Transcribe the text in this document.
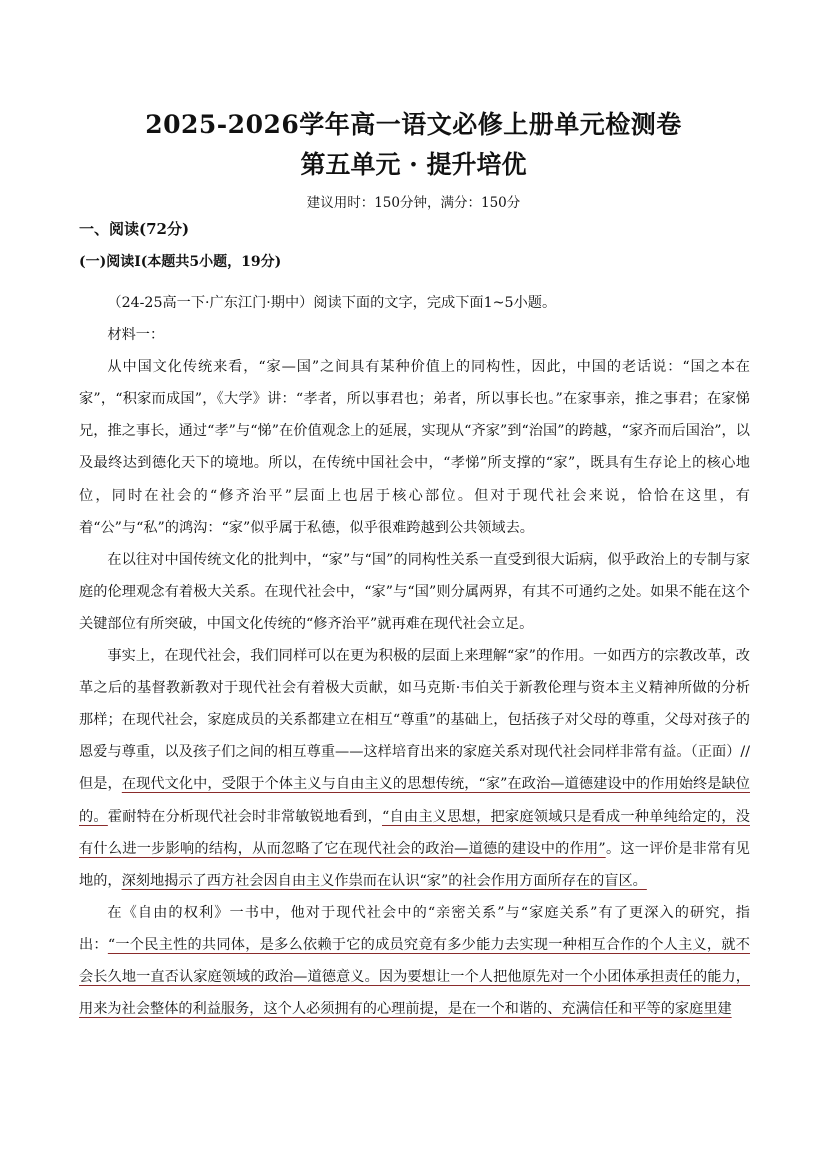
2025-2026学年高一语文必修上册单元检测卷
第五单元 · 提升培优
建议用时：150分钟，满分：150分
一、阅读(72分)
(一)阅读Ⅰ(本题共5小题，19分)

（24-25高一下·广东江门·期中）阅读下面的文字，完成下面1~5小题。

材料一：

从中国文化传统来看，“家—国”之间具有某种价值上的同构性，因此，中国的老话说：“国之本在家”，“积家而成国”，《大学》讲：“孝者，所以事君也；弟者，所以事长也。”在家事亲，推之事君；在家悌兄，推之事长，通过“孝”与“悌”在价值观念上的延展，实现从“齐家”到“治国”的跨越，“家齐而后国治”，以及最终达到德化天下的境地。所以，在传统中国社会中，“孝悌”所支撑的“家”，既具有生存论上的核心地位，同时在社会的“修齐治平”层面上也居于核心部位。但对于现代社会来说，恰恰在这里，有着“公”与“私”的鸿沟：“家”似乎属于私德，似乎很难跨越到公共领域去。

在以往对中国传统文化的批判中，“家”与“国”的同构性关系一直受到很大诟病，似乎政治上的专制与家庭的伦理观念有着极大关系。在现代社会中，“家”与“国”则分属两界，有其不可通约之处。如果不能在这个关键部位有所突破，中国文化传统的“修齐治平”就再难在现代社会立足。

事实上，在现代社会，我们同样可以在更为积极的层面上来理解“家”的作用。一如西方的宗教改革，改革之后的基督教新教对于现代社会有着极大贡献，如马克斯·韦伯关于新教伦理与资本主义精神所做的分析那样；在现代社会，家庭成员的关系都建立在相互“尊重”的基础上，包括孩子对父母的尊重，父母对孩子的恩爱与尊重，以及孩子们之间的相互尊重——这样培育出来的家庭关系对现代社会同样非常有益。（正面）//但是，在现代文化中，受限于个体主义与自由主义的思想传统，“家”在政治—道德建设中的作用始终是缺位的。霍耐特在分析现代社会时非常敏锐地看到，“自由主义思想，把家庭领域只是看成一种单纯给定的，没有什么进一步影响的结构，从而忽略了它在现代社会的政治—道德的建设中的作用”。这一评价是非常有见地的，深刻地揭示了西方社会因自由主义作祟而在认识“家”的社会作用方面所存在的盲区。

在《自由的权利》一书中，他对于现代社会中的“亲密关系”与“家庭关系”有了更深入的研究，指出：“一个民主性的共同体，是多么依赖于它的成员究竟有多少能力去实现一种相互合作的个人主义，就不会长久地一直否认家庭领域的政治—道德意义。因为要想让一个人把他原先对一个小团体承担责任的能力，用来为社会整体的利益服务，这个人必须拥有的心理前提，是在一个和谐的、充满信任和平等的家庭里建
